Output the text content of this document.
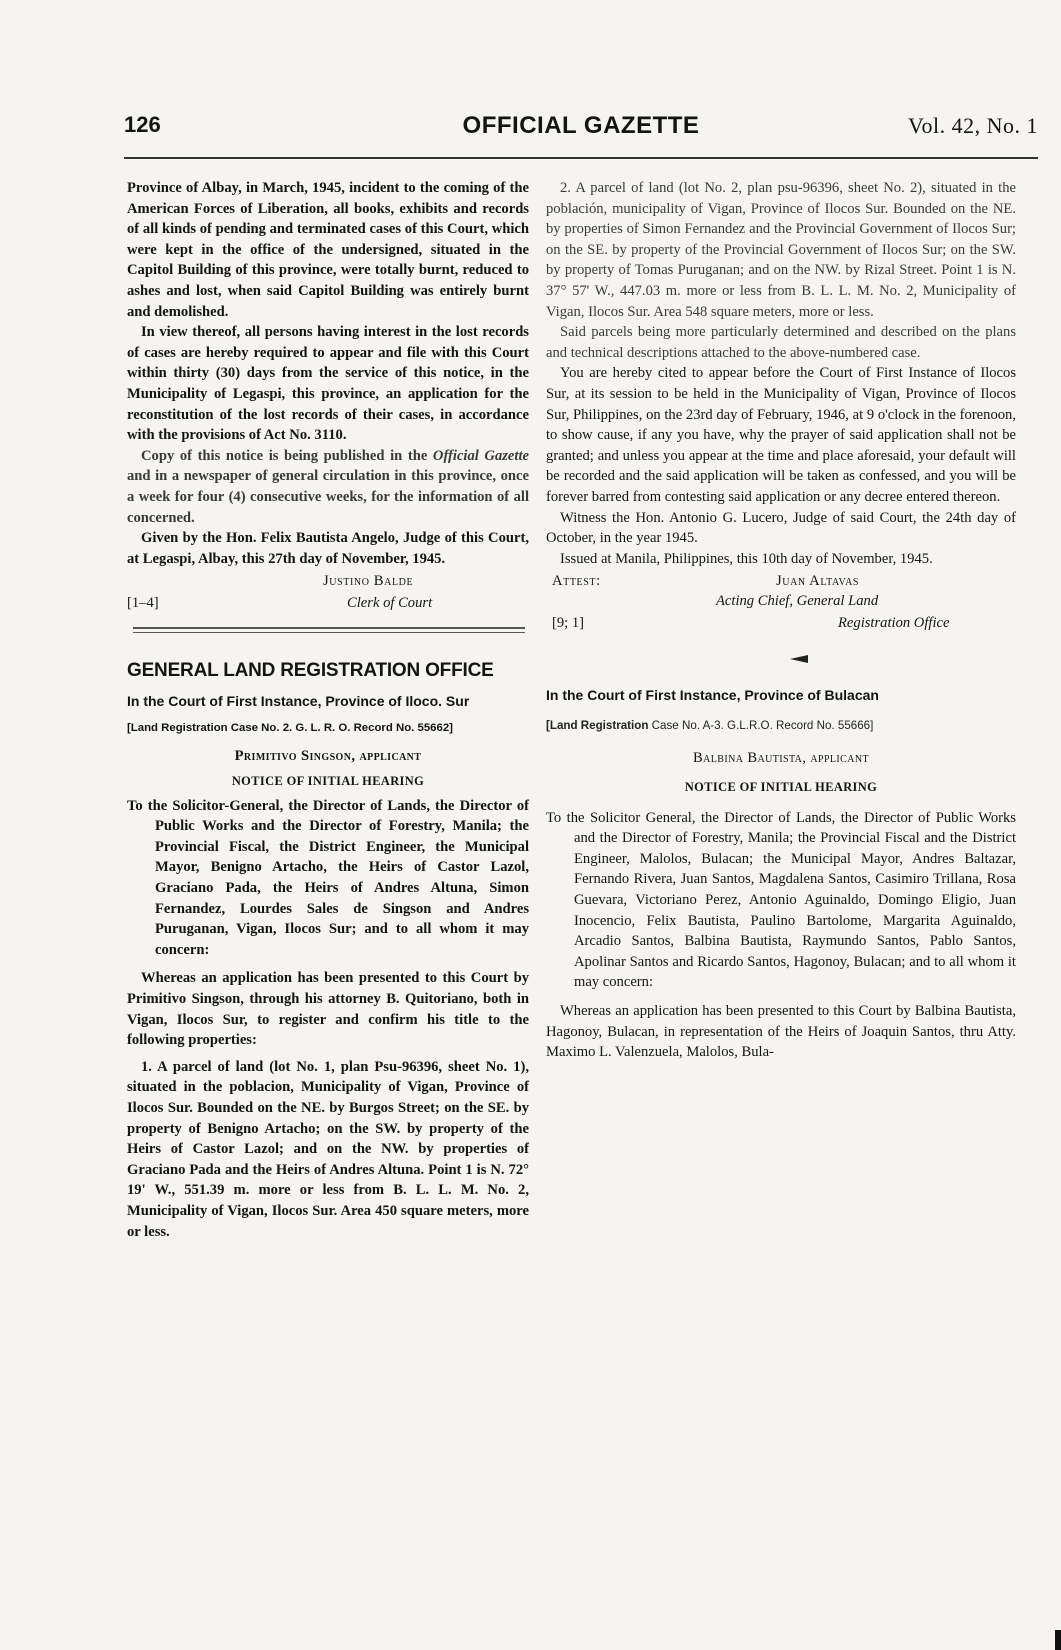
126	OFFICIAL GAZETTE	Vol. 42, No. 1

Province of Albay, in March, 1945, incident to the coming of the American Forces of Liberation, all books, exhibits and records of all kinds of pending and terminated cases of this Court, which were kept in the office of the undersigned, situated in the Capitol Building of this province, were totally burnt, reduced to ashes and lost, when said Capitol Building was entirely burnt and demolished.

In view thereof, all persons having interest in the lost records of cases are hereby required to appear and file with this Court within thirty (30) days from the service of this notice, in the Municipality of Legaspi, this province, an application for the reconstitution of the lost records of their cases, in accordance with the provisions of Act No. 3110.

Copy of this notice is being published in the Official Gazette and in a newspaper of general circulation in this province, once a week for four (4) consecutive weeks, for the information of all concerned.

Given by the Hon. Felix Bautista Angelo, Judge of this Court, at Legaspi, Albay, this 27th day of November, 1945.

Justino Balde
Clerk of Court
[1–4]
GENERAL LAND REGISTRATION OFFICE
In the Court of First Instance, Province of Iloco. Sur
[Land Registration Case No. 2. G. L. R. O. Record No. 55662]
Primitivo Singson, applicant
NOTICE OF INITIAL HEARING

To the Solicitor-General, the Director of Lands, the Director of Public Works and the Director of Forestry, Manila; the Provincial Fiscal, the District Engineer, the Municipal Mayor, Benigno Artacho, the Heirs of Castor Lazol, Graciano Pada, the Heirs of Andres Altuna, Simon Fernandez, Lourdes Sales de Singson and Andres Puruganan, Vigan, Ilocos Sur; and to all whom it may concern:

Whereas an application has been presented to this Court by Primitivo Singson, through his attorney B. Quitoriano, both in Vigan, Ilocos Sur, to register and confirm his title to the following properties:

1. A parcel of land (lot No. 1, plan Psu-96396, sheet No. 1), situated in the poblacion, Municipality of Vigan, Province of Ilocos Sur. Bounded on the NE. by Burgos Street; on the SE. by property of Benigno Artacho; on the SW. by property of the Heirs of Castor Lazol; and on the NW. by properties of Graciano Pada and the Heirs of Andres Altuna. Point 1 is N. 72° 19' W., 551.39 m. more or less from B. L. L. M. No. 2, Municipality of Vigan, Ilocos Sur. Area 450 square meters, more or less.

2. A parcel of land (lot No. 2, plan psu-96396, sheet No. 2), situated in the población, municipality of Vigan, Province of Ilocos Sur. Bounded on the NE. by properties of Simon Fernandez and the Provincial Government of Ilocos Sur; on the SE. by property of the Provincial Government of Ilocos Sur; on the SW. by property of Tomas Puruganan; and on the NW. by Rizal Street. Point 1 is N. 37° 57' W., 447.03 m. more or less from B. L. L. M. No. 2, Municipality of Vigan, Ilocos Sur. Area 548 square meters, more or less.

Said parcels being more particularly determined and described on the plans and technical descriptions attached to the above-numbered case.

You are hereby cited to appear before the Court of First Instance of Ilocos Sur, at its session to be held in the Municipality of Vigan, Province of Ilocos Sur, Philippines, on the 23rd day of February, 1946, at 9 o'clock in the forenoon, to show cause, if any you have, why the prayer of said application shall not be granted; and unless you appear at the time and place aforesaid, your default will be recorded and the said application will be taken as confessed, and you will be forever barred from contesting said application or any decree entered thereon.

Witness the Hon. Antonio G. Lucero, Judge of said Court, the 24th day of October, in the year 1945.

Issued at Manila, Philippines, this 10th day of November, 1945.

Attest:	Juan Altavas
Acting Chief, General Land
Registration Office
[9; 1]
In the Court of First Instance, Province of Bulacan
[Land Registration Case No. A-3. G.L.R.O. Record No. 55666]
Balbina Bautista, applicant
NOTICE OF INITIAL HEARING

To the Solicitor General, the Director of Lands, the Director of Public Works and the Director of Forestry, Manila; the Provincial Fiscal and the District Engineer, Malolos, Bulacan; the Municipal Mayor, Andres Baltazar, Fernando Rivera, Juan Santos, Magdalena Santos, Casimiro Trillana, Rosa Guevara, Victoriano Perez, Antonio Aguinaldo, Domingo Eligio, Juan Inocencio, Felix Bautista, Paulino Bartolome, Margarita Aguinaldo, Arcadio Santos, Balbina Bautista, Raymundo Santos, Pablo Santos, Apolinar Santos and Ricardo Santos, Hagonoy, Bulacan; and to all whom it may concern:

Whereas an application has been presented to this Court by Balbina Bautista, Hagonoy, Bulacan, in representation of the Heirs of Joaquin Santos, thru Atty. Maximo L. Valenzuela, Malolos, Bula-
